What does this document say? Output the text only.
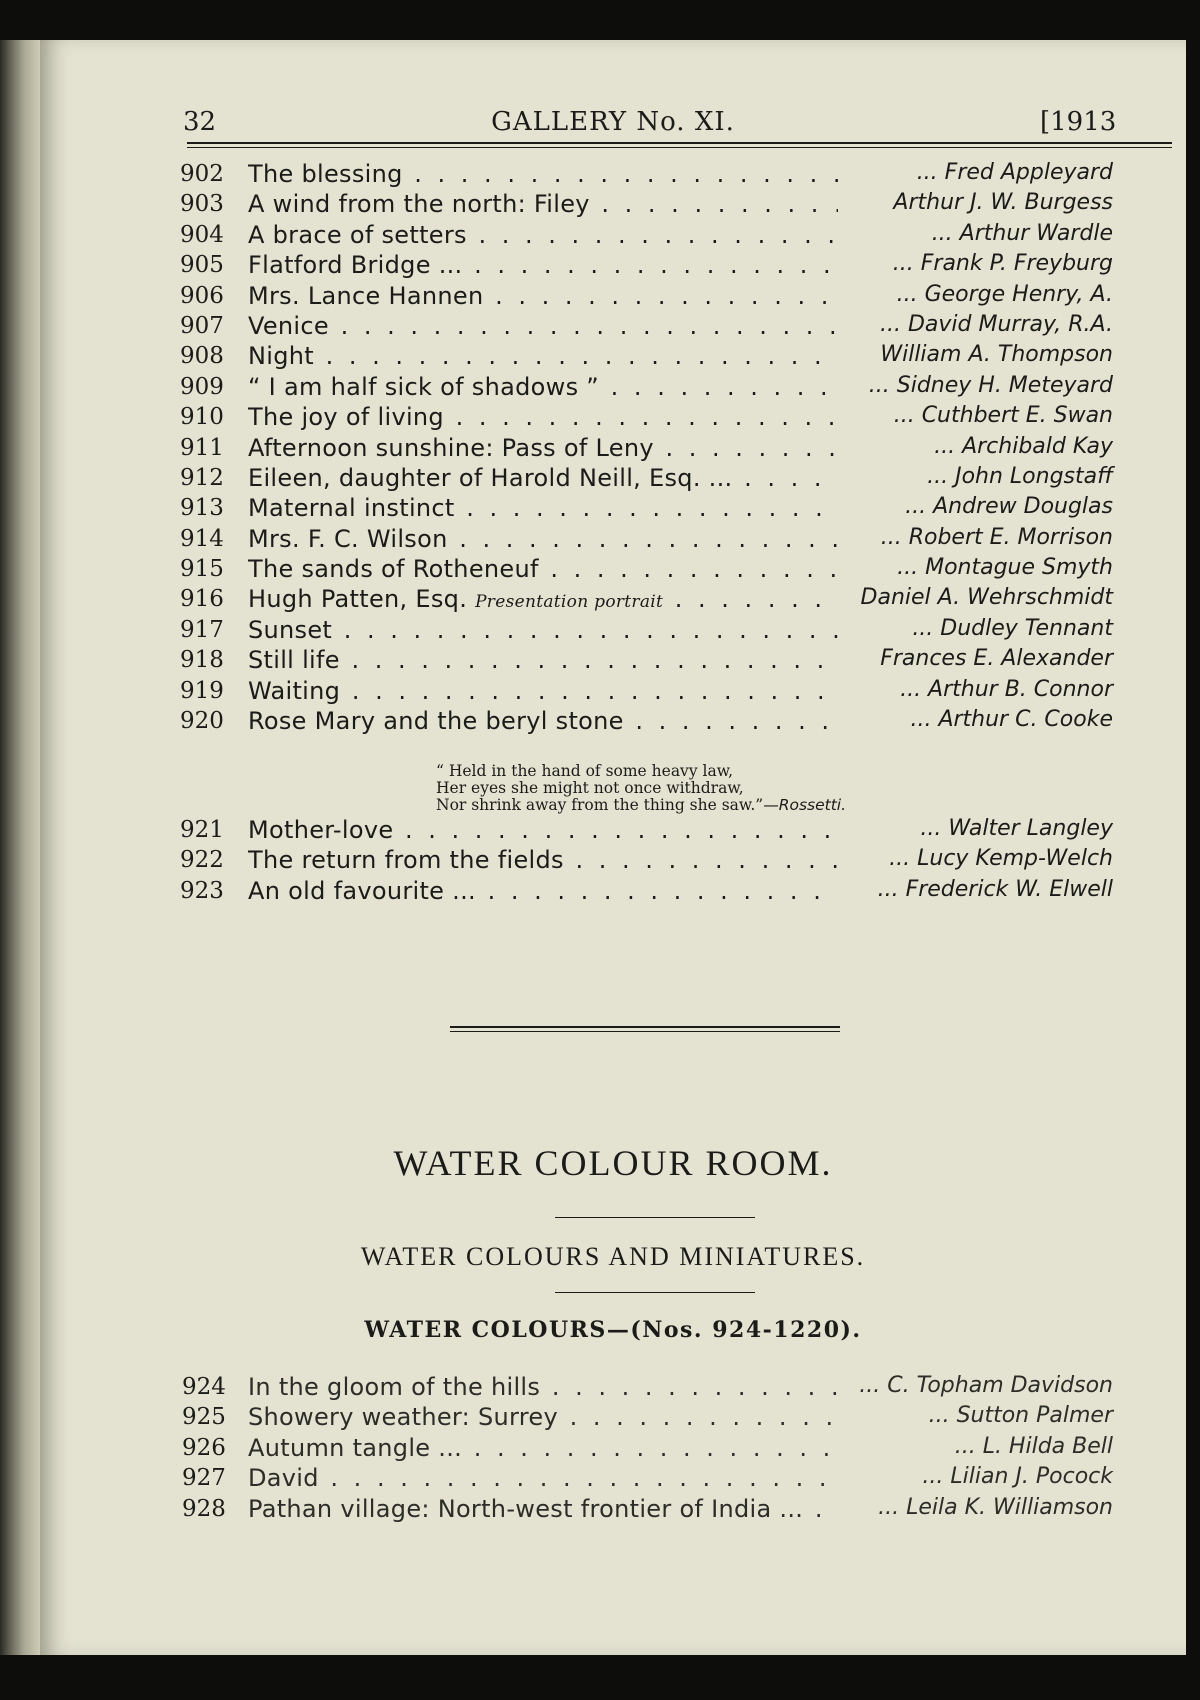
32	GALLERY No. XI.	[1913
902 The blessing . . .	... Fred Appleyard
903 A wind from the north: Filey . . .	Arthur J. W. Burgess
904 A brace of setters . . .	... Arthur Wardle
905 Flatford Bridge ... . . .	... Frank P. Freyburg
906 Mrs. Lance Hannen . . .	... George Henry, A.
907 Venice . . .	... David Murray, R.A.
908 Night . . .	William A. Thompson
909 “ I am half sick of shadows ” . . .	... Sidney H. Meteyard
910 The joy of living . . .	... Cuthbert E. Swan
911 Afternoon sunshine: Pass of Leny . . .	... Archibald Kay
912 Eileen, daughter of Harold Neill, Esq. ... . . .	... John Longstaff
913 Maternal instinct . . .	... Andrew Douglas
914 Mrs. F. C. Wilson . . .	... Robert E. Morrison
915 The sands of Rotheneuf . . .	... Montague Smyth
916 Hugh Patten, Esq. Presentation portrait . . .	Daniel A. Wehrschmidt
917 Sunset . . .	... Dudley Tennant
918 Still life . . .	Frances E. Alexander
919 Waiting . . .	... Arthur B. Connor
920 Rose Mary and the beryl stone . . .	... Arthur C. Cooke
“ Held in the hand of some heavy law,
Her eyes she might not once withdraw,
Nor shrink away from the thing she saw.”—Rossetti.
921 Mother-love . . .	... Walter Langley
922 The return from the fields . . .	... Lucy Kemp-Welch
923 An old favourite ... . . .	... Frederick W. Elwell
WATER COLOUR ROOM.
WATER COLOURS AND MINIATURES.
WATER COLOURS—(Nos. 924-1220).
924 In the gloom of the hills . . .	... C. Topham Davidson
925 Showery weather: Surrey . . .	... Sutton Palmer
926 Autumn tangle ... . . .	... L. Hilda Bell
927 David . . .	... Lilian J. Pocock
928 Pathan village: North-west frontier of India ... . . .	... Leila K. Williamson
